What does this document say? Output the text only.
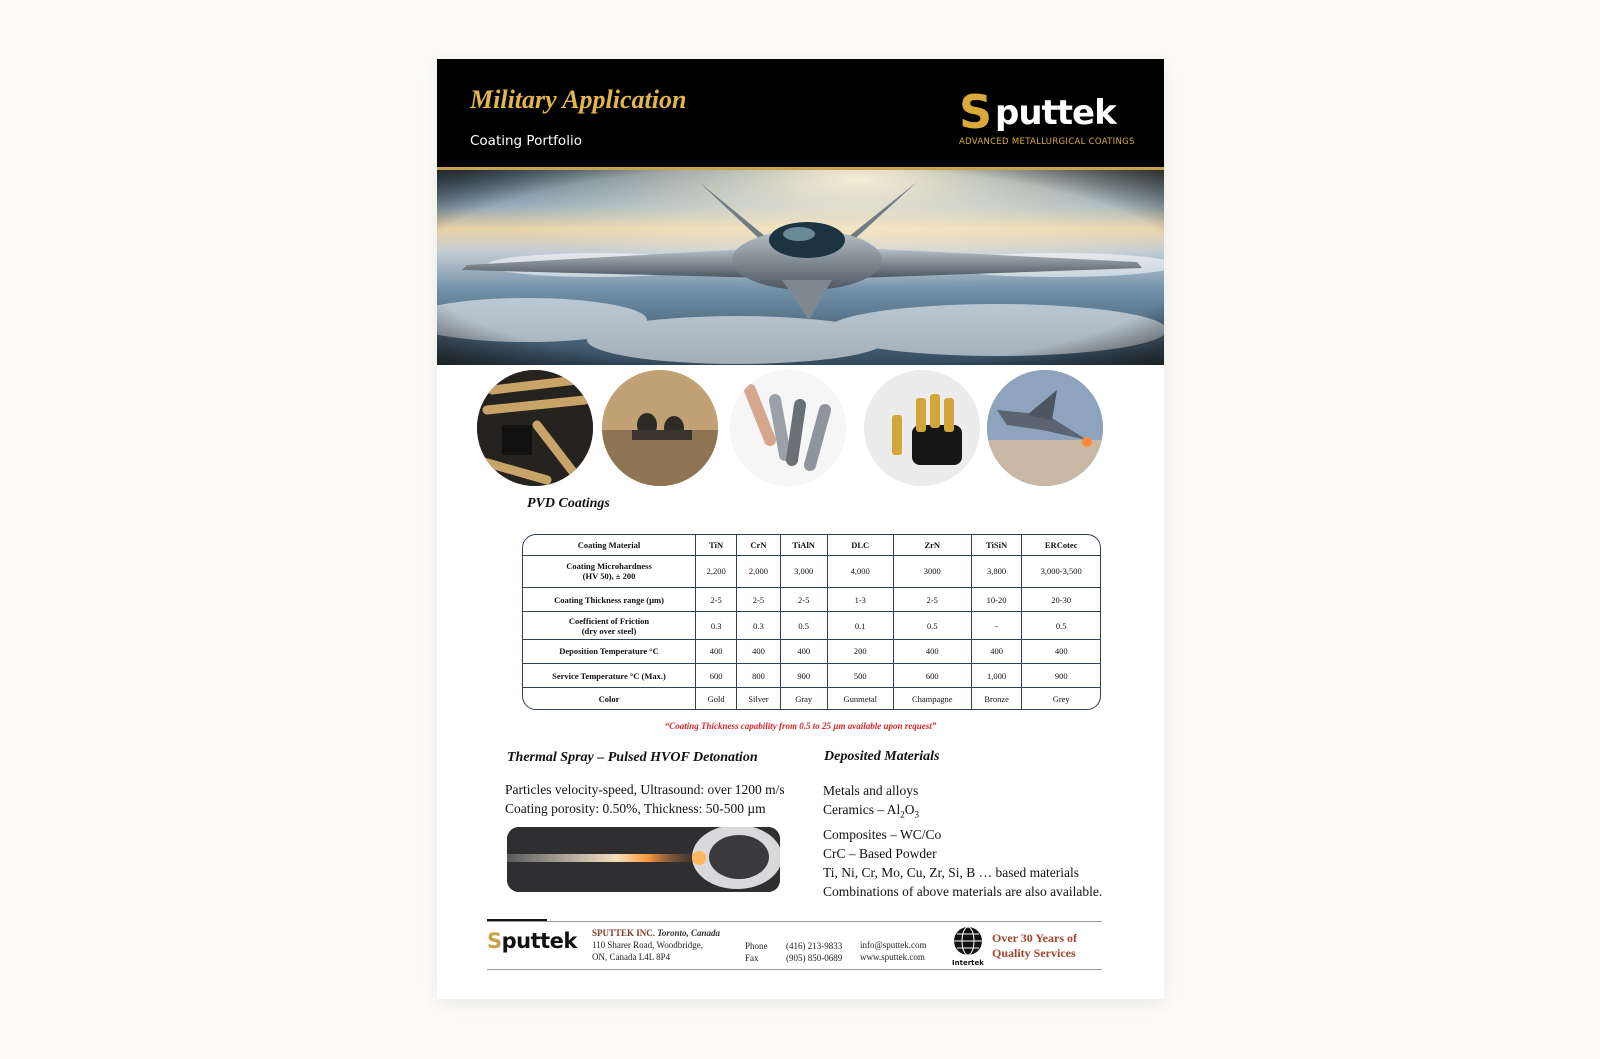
Military Application
Coating Portfolio
S puttek
ADVANCED METALLURGICAL COATINGS
PVD Coatings
Coating Material	TiN	CrN	TiAlN	DLC	ZrN	TiSiN	ERCotec
Coating Microhardness
(HV 50), ± 200	2,200	2,000	3,000	4,000	3000	3,800	3,000-3,500
Coating Thickness range (µm)	2-5	2-5	2-5	1-3	2-5	10-20	20-30
Coefficient of Friction
(dry over steel)	0.3	0.3	0.5	0.1	0.5	-	0.5
Deposition Temperature °C	400	400	400	200	400	400	400
Service Temperature °C (Max.)	600	800	900	500	600	1,000	900
Color	Gold	Silver	Gray	Gunmetal	Champagne	Bronze	Grey
“Coating Thickness capability from 0.5 to 25 µm available upon request”
Thermal Spray – Pulsed HVOF Detonation
Particles velocity-speed, Ultrasound: over 1200 m/s
Coating porosity: 0.50%, Thickness: 50-500 µm
Deposited Materials
Metals and alloys
Ceramics – $Al_2O_3$
Composites – WC/Co
CrC – Based Powder
Ti, Ni, Cr, Mo, Cu, Zr, Si, B … based materials
Combinations of above materials are also available.
Sputtek SPUTTEK INC. Toronto, Canada
110 Sharer Road, Woodbridge,
ON, Canada L4L 8P4
Phone
Fax
(416) 213-9833
(905) 850-0689
info@sputtek.com
www.sputtek.com
Intertek
Over 30 Years of
Quality Services
